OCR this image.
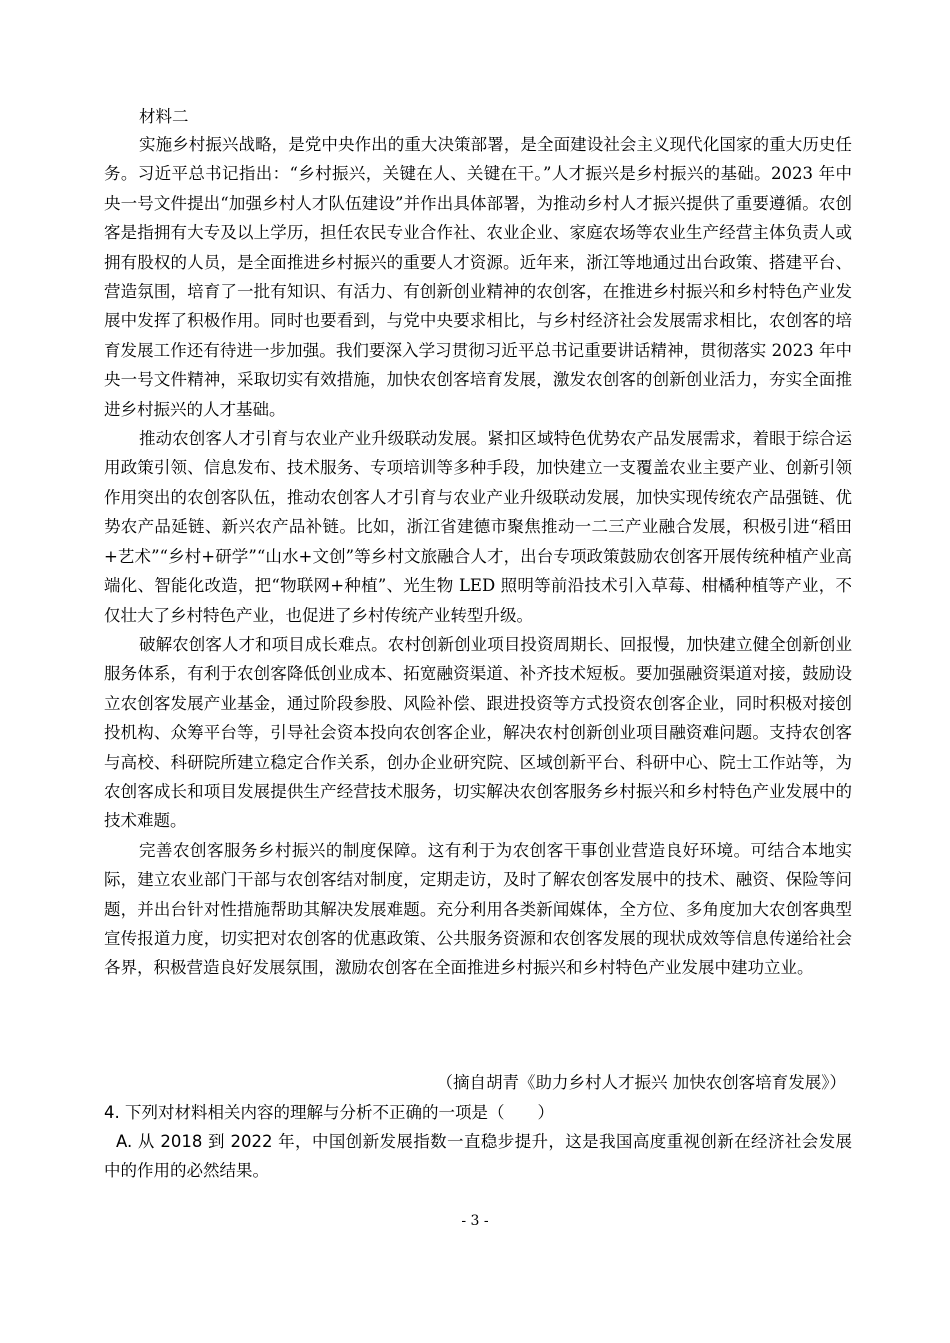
材料二

实施乡村振兴战略，是党中央作出的重大决策部署，是全面建设社会主义现代化国家的重大历史任务。习近平总书记指出：“乡村振兴，关键在人、关键在干。”人才振兴是乡村振兴的基础。2023 年中央一号文件提出“加强乡村人才队伍建设”并作出具体部署，为推动乡村人才振兴提供了重要遵循。农创客是指拥有大专及以上学历，担任农民专业合作社、农业企业、家庭农场等农业生产经营主体负责人或拥有股权的人员，是全面推进乡村振兴的重要人才资源。近年来，浙江等地通过出台政策、搭建平台、营造氛围，培育了一批有知识、有活力、有创新创业精神的农创客，在推进乡村振兴和乡村特色产业发展中发挥了积极作用。同时也要看到，与党中央要求相比，与乡村经济社会发展需求相比，农创客的培育发展工作还有待进一步加强。我们要深入学习贯彻习近平总书记重要讲话精神，贯彻落实 2023 年中央一号文件精神，采取切实有效措施，加快农创客培育发展，激发农创客的创新创业活力，夯实全面推进乡村振兴的人才基础。

推动农创客人才引育与农业产业升级联动发展。紧扣区域特色优势农产品发展需求，着眼于综合运用政策引领、信息发布、技术服务、专项培训等多种手段，加快建立一支覆盖农业主要产业、创新引领作用突出的农创客队伍，推动农创客人才引育与农业产业升级联动发展，加快实现传统农产品强链、优势农产品延链、新兴农产品补链。比如，浙江省建德市聚焦推动一二三产业融合发展，积极引进“稻田+艺术”“乡村+研学”“山水+文创”等乡村文旅融合人才，出台专项政策鼓励农创客开展传统种植产业高端化、智能化改造，把“物联网+种植”、光生物 LED 照明等前沿技术引入草莓、柑橘种植等产业，不仅壮大了乡村特色产业，也促进了乡村传统产业转型升级。

破解农创客人才和项目成长难点。农村创新创业项目投资周期长、回报慢，加快建立健全创新创业服务体系，有利于农创客降低创业成本、拓宽融资渠道、补齐技术短板。要加强融资渠道对接，鼓励设立农创客发展产业基金，通过阶段参股、风险补偿、跟进投资等方式投资农创客企业，同时积极对接创投机构、众筹平台等，引导社会资本投向农创客企业，解决农村创新创业项目融资难问题。支持农创客与高校、科研院所建立稳定合作关系，创办企业研究院、区域创新平台、科研中心、院士工作站等，为农创客成长和项目发展提供生产经营技术服务，切实解决农创客服务乡村振兴和乡村特色产业发展中的技术难题。

完善农创客服务乡村振兴的制度保障。这有利于为农创客干事创业营造良好环境。可结合本地实际，建立农业部门干部与农创客结对制度，定期走访，及时了解农创客发展中的技术、融资、保险等问题，并出台针对性措施帮助其解决发展难题。充分利用各类新闻媒体，全方位、多角度加大农创客典型宣传报道力度，切实把对农创客的优惠政策、公共服务资源和农创客发展的现状成效等信息传递给社会各界，积极营造良好发展氛围，激励农创客在全面推进乡村振兴和乡村特色产业发展中建功立业。

（摘自胡青《助力乡村人才振兴 加快农创客培育发展》）

4. 下列对材料相关内容的理解与分析不正确的一项是（　　）

A. 从 2018 到 2022 年，中国创新发展指数一直稳步提升，这是我国高度重视创新在经济社会发展中的作用的必然结果。

- 3 -
